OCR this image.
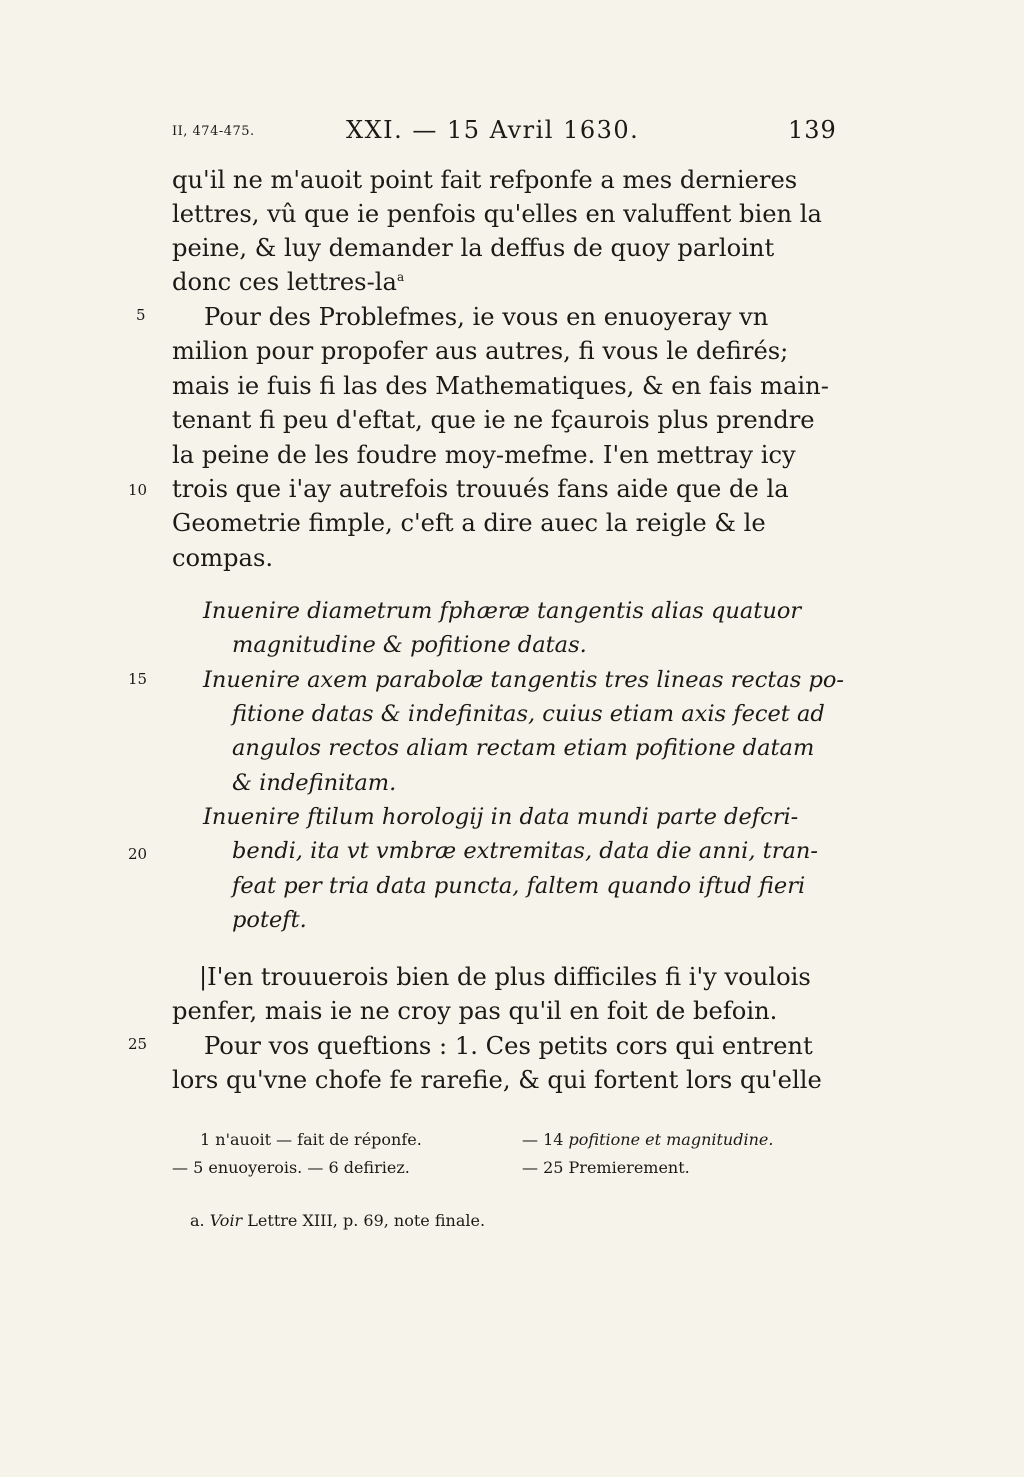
II, 474-475.	XXI. — 15 Avril 1630.	139
qu'il ne m'auoit point fait refponfe a mes dernieres
lettres, vû que ie penfois qu'elles en valuffent bien la
peine, & luy demander la deffus de quoy parloint
donc ces lettres-$la^a$
Pour des Problefmes, ie vous en enuoyeray vn
milion pour propofer aus autres, fi vous le defirés;
mais ie fuis fi las des Mathematiques, & en fais main-
tenant fi peu d'eftat, que ie ne fçaurois plus prendre
la peine de les foudre moy-mefme. I'en mettray icy
trois que i'ay autrefois trouués fans aide que de la
Geometrie fimple, c'eft a dire auec la reigle & le
compas.
Inuenire diametrum fphæræ tangentis alias quatuor
magnitudine & pofitione datas.
Inuenire axem parabolæ tangentis tres lineas rectas po-
fitione datas & indefinitas, cuius etiam axis fecet ad
angulos rectos aliam rectam etiam pofitione datam
& indefinitam.
Inuenire ftilum horologij in data mundi parte defcri-
bendi, ita vt vmbræ extremitas, data die anni, tran-
feat per tria data puncta, faltem quando iftud fieri
poteft.
|I'en trouuerois bien de plus difficiles fi i'y voulois
penfer, mais ie ne croy pas qu'il en foit de befoin.
Pour vos queftions : 1. Ces petits cors qui entrent
lors qu'vne chofe fe rarefie, & qui fortent lors qu'elle
5
10
15
20
25
1 n'auoit — fait de réponfe.	— 14 pofitione et magnitudine.
— 5 enuoyerois. — 6 defiriez.	— 25 Premierement.
a. Voir Lettre XIII, p. 69, note finale.
